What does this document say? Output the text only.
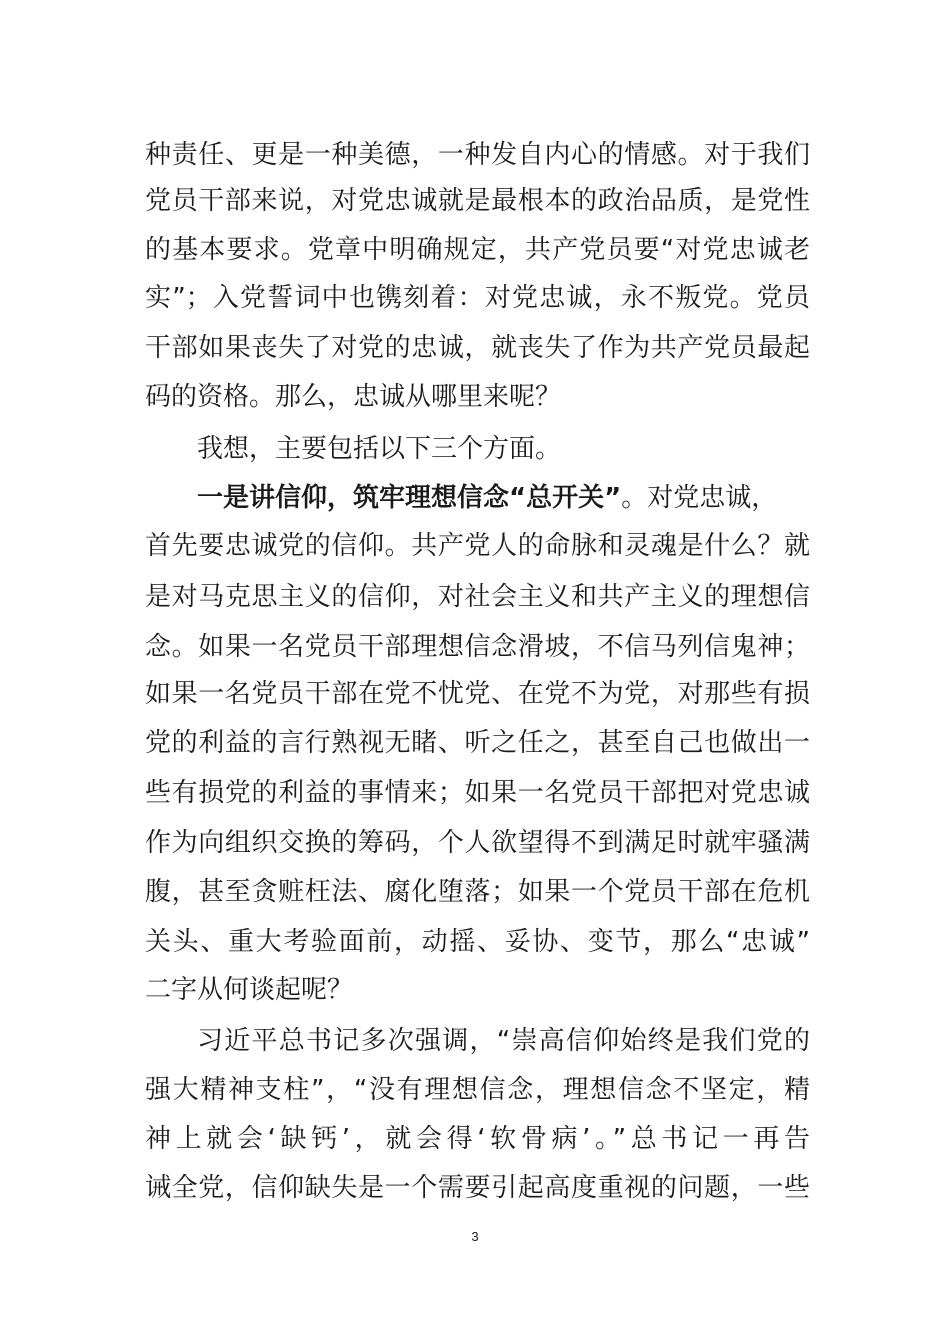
种责任、更是一种美德，一种发自内心的情感。对于我们
党员干部来说，对党忠诚就是最根本的政治品质，是党性
的基本要求。党章中明确规定，共产党员要“对党忠诚老
实”；入党誓词中也镌刻着：对党忠诚，永不叛党。党员
干部如果丧失了对党的忠诚，就丧失了作为共产党员最起
码的资格。那么，忠诚从哪里来呢？
我想，主要包括以下三个方面。
一是讲信仰，筑牢理想信念“总开关”。对党忠诚，
首先要忠诚党的信仰。共产党人的命脉和灵魂是什么？就
是对马克思主义的信仰，对社会主义和共产主义的理想信
念。如果一名党员干部理想信念滑坡，不信马列信鬼神；
如果一名党员干部在党不忧党、在党不为党，对那些有损
党的利益的言行熟视无睹、听之任之，甚至自己也做出一
些有损党的利益的事情来；如果一名党员干部把对党忠诚
作为向组织交换的筹码，个人欲望得不到满足时就牢骚满
腹，甚至贪赃枉法、腐化堕落；如果一个党员干部在危机
关头、重大考验面前，动摇、妥协、变节，那么“忠诚”
二字从何谈起呢？
习近平总书记多次强调，“崇高信仰始终是我们党的
强大精神支柱”，“没有理想信念，理想信念不坚定，精
神上就会‘缺钙’，就会得‘软骨病’。”总书记一再告
诫全党，信仰缺失是一个需要引起高度重视的问题，一些
3
